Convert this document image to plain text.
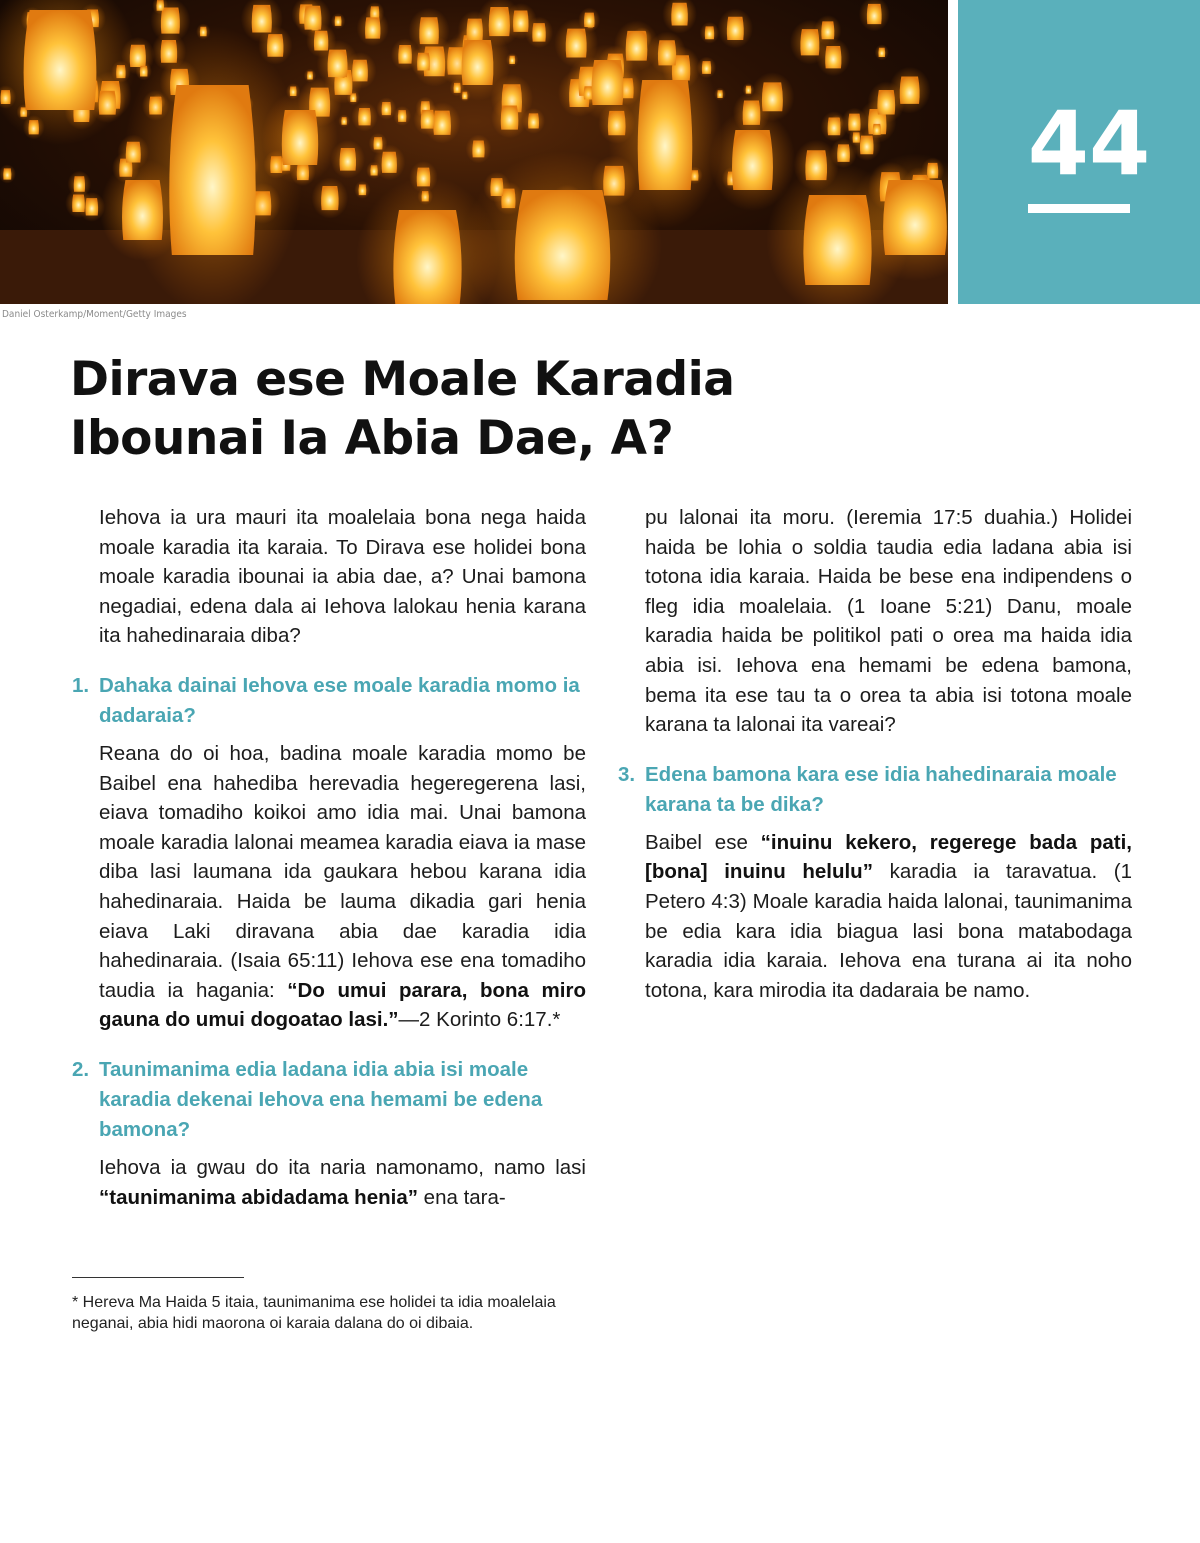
44
Daniel Osterkamp/Moment/Getty Images
Dirava ese Moale Karadia
Ibounai Ia Abia Dae, A?

Iehova ia ura mauri ita moalelaia bona nega haida moale karadia ita karaia. To Dirava ese holidei bona moale karadia ibounai ia abia dae, a? Unai bamona negadiai, edena dala ai Iehova lalokau henia karana ita hahedinaraia diba?

1. Dahaka dainai Iehova ese moale karadia momo ia dadaraia?

Reana do oi hoa, badina moale karadia momo be Baibel ena hahediba herevadia hegeregerena lasi, eiava tomadiho koikoi amo idia mai. Unai bamona moale karadia lalonai meamea karadia eiava ia mase diba lasi laumana ida gaukara hebou karana idia hahedinaraia. Haida be lauma dikadia gari henia eiava Laki diravana abia dae karadia idia hahedinaraia. (Isaia 65:11) Iehova ese ena tomadiho taudia ia hagania: “Do umui parara, bona miro gauna do umui dogoatao lasi.”—2 Korinto 6:17.*

2. Taunimanima edia ladana idia abia isi moale karadia dekenai Iehova ena hemami be edena bamona?

Iehova ia gwau do ita naria namonamo, namo lasi “taunimanima abidadama henia” ena tara-

pu lalonai ita moru. (Ieremia 17:5 duahia.) Holidei haida be lohia o soldia taudia edia ladana abia isi totona idia karaia. Haida be bese ena indipendens o fleg idia moalelaia. (1 Ioane 5:21) Danu, moale karadia haida be politikol pati o orea ma haida idia abia isi. Iehova ena hemami be edena bamona, bema ita ese tau ta o orea ta abia isi totona moale karana ta lalonai ita vareai?

3. Edena bamona kara ese idia hahedinaraia moale karana ta be dika?

Baibel ese “inuinu kekero, regerege bada pati, [bona] inuinu helulu” karadia ia taravatua. (1 Petero 4:3) Moale karadia haida lalonai, taunimanima be edia kara idia biagua lasi bona matabodaga karadia idia karaia. Iehova ena turana ai ita noho totona, kara mirodia ita dadaraia be namo.

* Hereva Ma Haida 5 itaia, taunimanima ese holidei ta idia moalelaia neganai, abia hidi maorona oi karaia dalana do oi dibaia.
